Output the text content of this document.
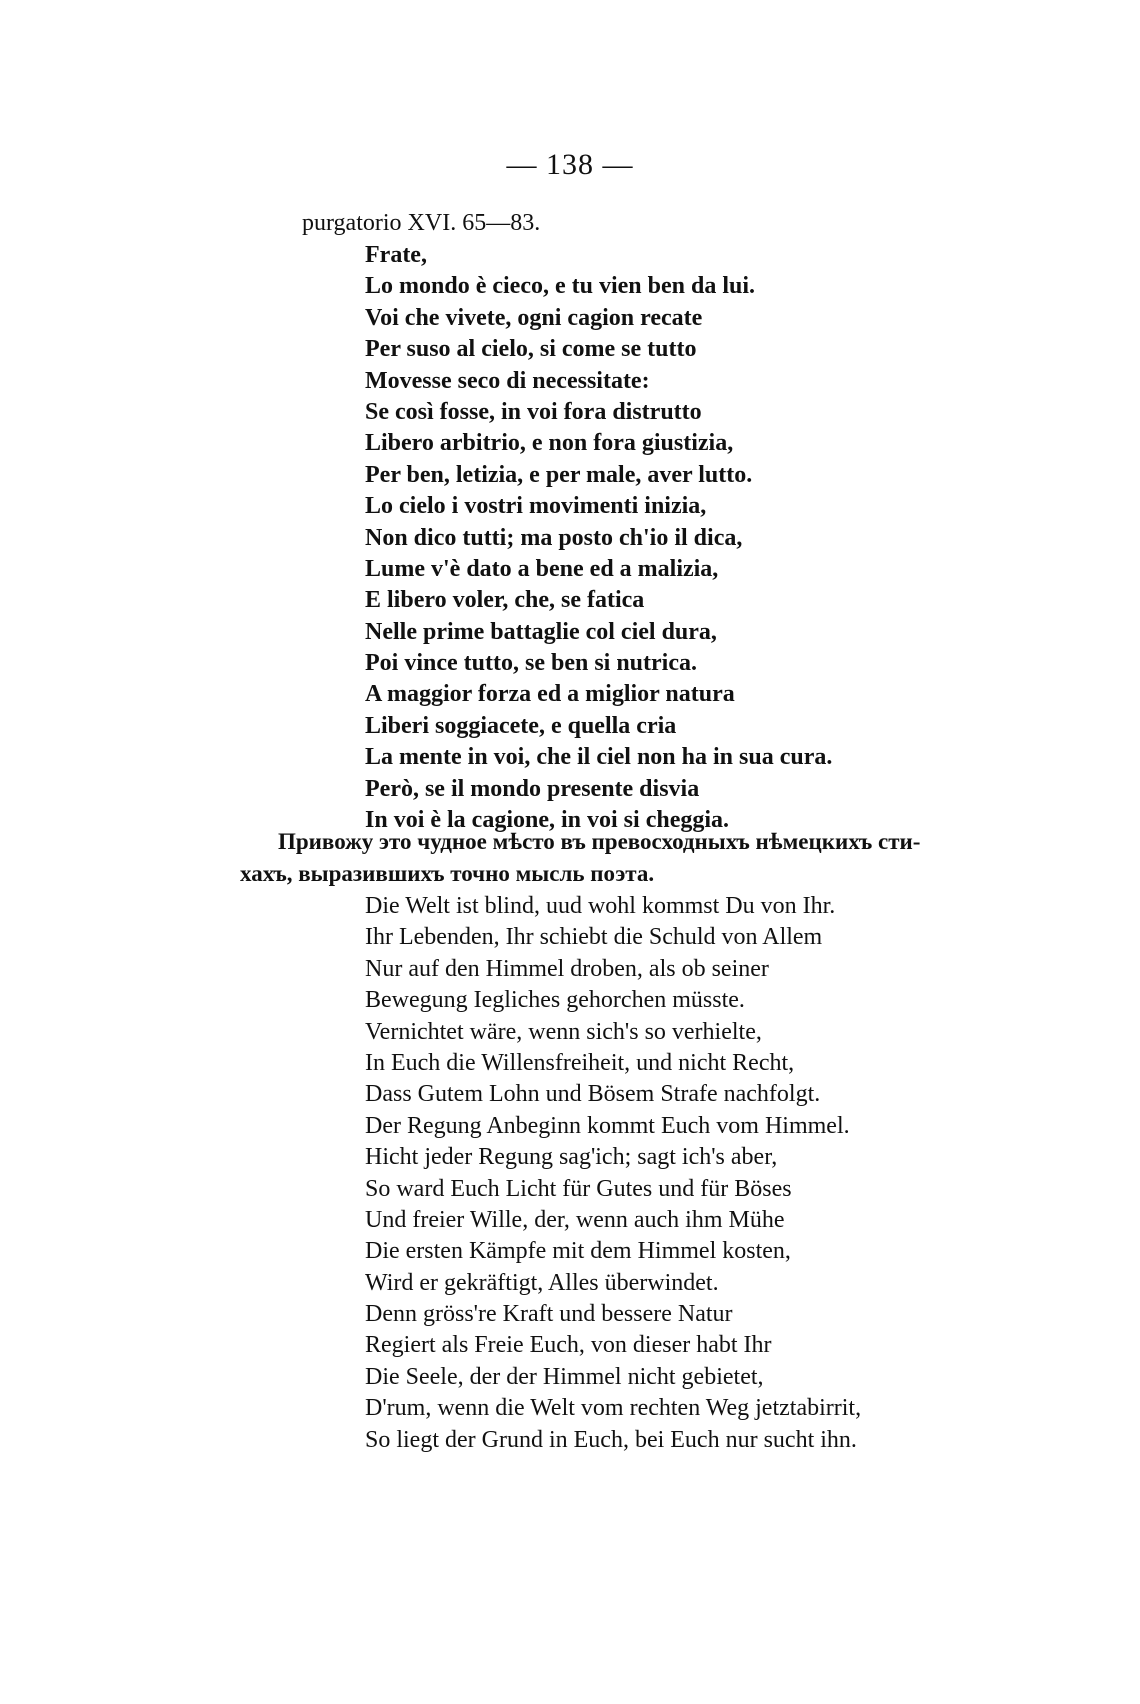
— 138 —
purgatorio XVI. 65—83.
Frate,
Lo mondo è cieco, e tu vien ben da lui.
Voi che vivete, ogni cagion recate
Per suso al cielo, si come se tutto
Movesse seco di necessitate:
Se così fosse, in voi fora distrutto
Libero arbitrio, e non fora giustizia,
Per ben, letizia, e per male, aver lutto.
Lo cielo i vostri movimenti inizia,
Non dico tutti; ma posto ch'io il dica,
Lume v'è dato a bene ed a malizia,
E libero voler, che, se fatica
Nelle prime battaglie col ciel dura,
Poi vince tutto, se ben si nutrica.
A maggior forza ed a miglior natura
Liberi soggiacete, e quella cria
La mente in voi, che il ciel non ha in sua cura.
Però, se il mondo presente disvia
In voi è la cagione, in voi si cheggia.
Привожу это чудное мѣсто въ превосходныхъ нѣмецкихъ сти-
хахъ, выразившихъ точно мысль поэта.
Die Welt ist blind, uud wohl kommst Du von Ihr.
Ihr Lebenden, Ihr schiebt die Schuld von Allem
Nur auf den Himmel droben, als ob seiner
Bewegung Iegliches gehorchen müsste.
Vernichtet wäre, wenn sich's so verhielte,
In Euch die Willensfreiheit, und nicht Recht,
Dass Gutem Lohn und Bösem Strafe nachfolgt.
Der Regung Anbeginn kommt Euch vom Himmel.
Hicht jeder Regung sag'ich; sagt ich's aber,
So ward Euch Licht für Gutes und für Böses
Und freier Wille, der, wenn auch ihm Mühe
Die ersten Kämpfe mit dem Himmel kosten,
Wird er gekräftigt, Alles überwindet.
Denn gröss're Kraft und bessere Natur
Regiert als Freie Euch, von dieser habt Ihr
Die Seele, der der Himmel nicht gebietet,
D'rum, wenn die Welt vom rechten Weg jetztabirrit,
So liegt der Grund in Euch, bei Euch nur sucht ihn.
